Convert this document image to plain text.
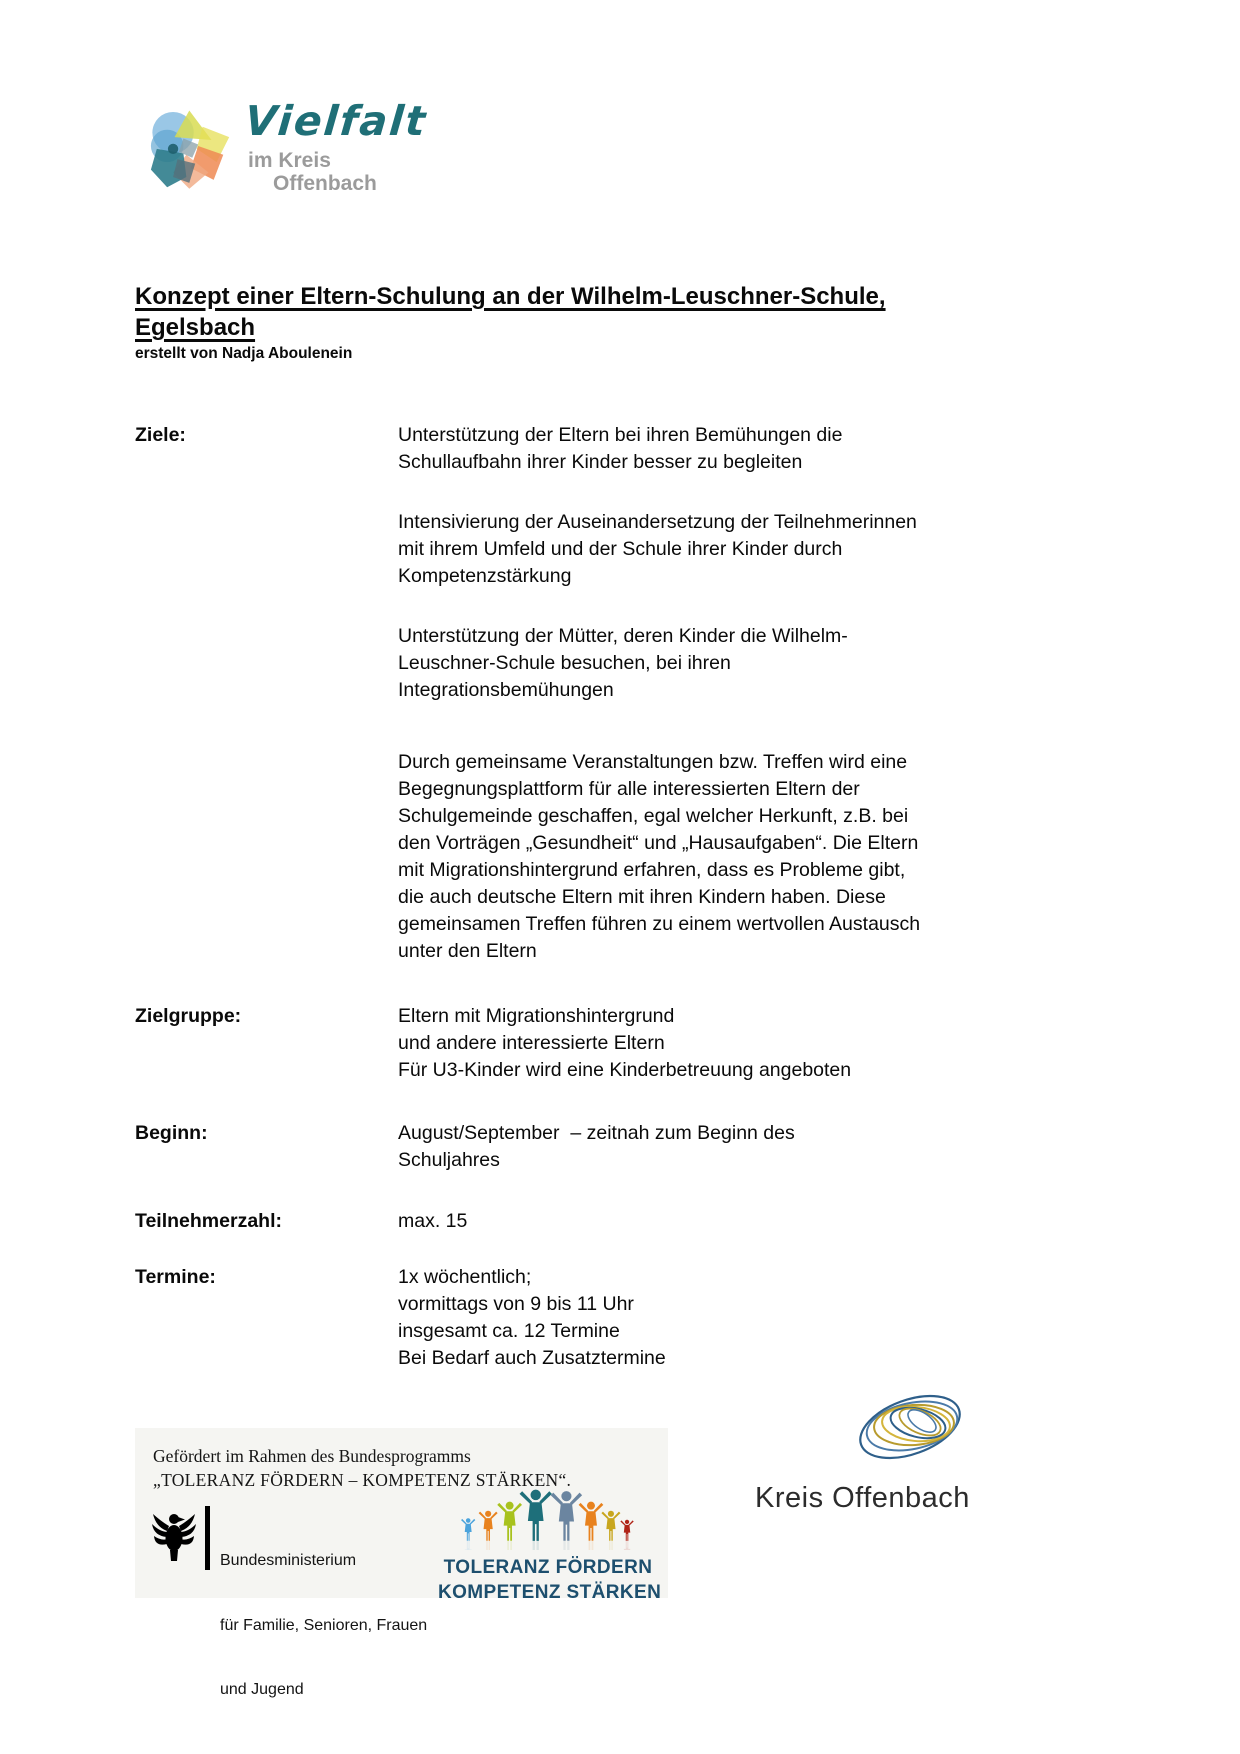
Vielfalt
im Kreis
Offenbach
Konzept einer Eltern-Schulung an der Wilhelm-Leuschner-Schule,
Egelsbach
erstellt von Nadja Aboulenein
Ziele:	Unterstützung der Eltern bei ihren Bemühungen die
Schullaufbahn ihrer Kinder besser zu begleiten
Intensivierung der Auseinandersetzung der Teilnehmerinnen
mit ihrem Umfeld und der Schule ihrer Kinder durch
Kompetenzstärkung
Unterstützung der Mütter, deren Kinder die Wilhelm-
Leuschner-Schule besuchen, bei ihren
Integrationsbemühungen
Durch gemeinsame Veranstaltungen bzw. Treffen wird eine
Begegnungsplattform für alle interessierten Eltern der
Schulgemeinde geschaffen, egal welcher Herkunft, z.B. bei
den Vorträgen „Gesundheit“ und „Hausaufgaben“. Die Eltern
mit Migrationshintergrund erfahren, dass es Probleme gibt,
die auch deutsche Eltern mit ihren Kindern haben. Diese
gemeinsamen Treffen führen zu einem wertvollen Austausch
unter den Eltern
Zielgruppe:	Eltern mit Migrationshintergrund
und andere interessierte Eltern
Für U3-Kinder wird eine Kinderbetreuung angeboten
Beginn:	August/September  – zeitnah zum Beginn des
Schuljahres
Teilnehmerzahl:	max. 15
Termine:	1x wöchentlich;
vormittags von 9 bis 11 Uhr
insgesamt ca. 12 Termine
Bei Bedarf auch Zusatztermine
Gefördert im Rahmen des Bundesprogramms
„TOLERANZ FÖRDERN – KOMPETENZ STÄRKEN“.

Bundesministerium

für Familie, Senioren, Frauen

und Jugend

TOLERANZ FÖRDERN
KOMPETENZ STÄRKEN
Kreis Offenbach
